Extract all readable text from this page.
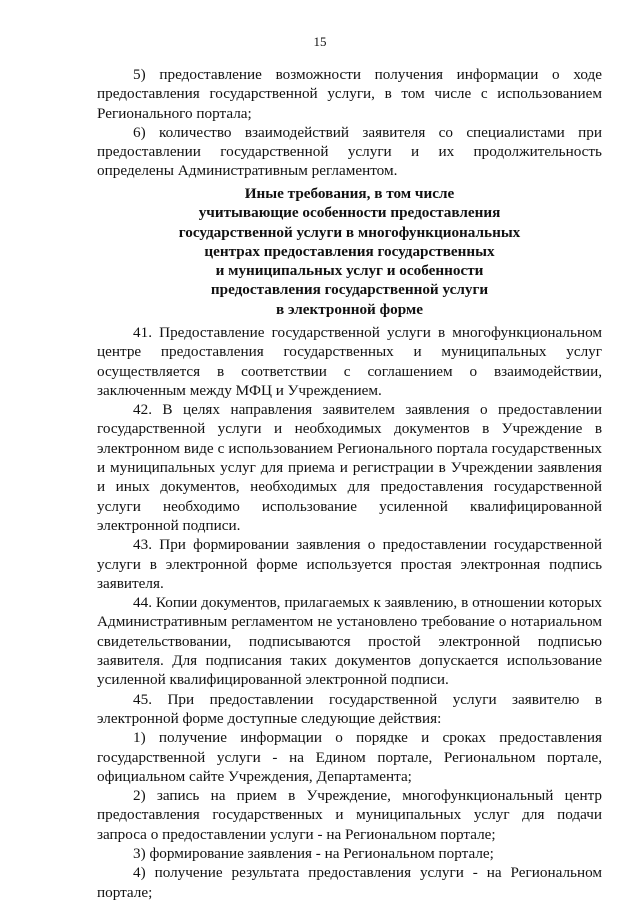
15

5) предоставление возможности получения информации о ходе предоставления государственной услуги, в том числе с использованием Регионального портала;

6) количество взаимодействий заявителя со специалистами при предоставлении государственной услуги и их продолжительность определены Административным регламентом.

Иные требования, в том числе
учитывающие особенности предоставления
государственной услуги в многофункциональных
центрах предоставления государственных
и муниципальных услуг и особенности
предоставления государственной услуги
в электронной форме

41. Предоставление государственной услуги в многофункциональном центре предоставления государственных и муниципальных услуг осуществляется в соответствии с соглашением о взаимодействии, заключенным между МФЦ и Учреждением.

42. В целях направления заявителем заявления о предоставлении государственной услуги и необходимых документов в Учреждение в электронном виде с использованием Регионального портала государственных и муниципальных услуг для приема и регистрации в Учреждении заявления и иных документов, необходимых для предоставления государственной услуги необходимо использование усиленной квалифицированной электронной подписи.

43. При формировании заявления о предоставлении государственной услуги в электронной форме используется простая электронная подпись заявителя.

44. Копии документов, прилагаемых к заявлению, в отношении которых Административным регламентом не установлено требование о нотариальном свидетельствовании, подписываются простой электронной подписью заявителя. Для подписания таких документов допускается использование усиленной квалифицированной электронной подписи.

45. При предоставлении государственной услуги заявителю в электронной форме доступные следующие действия:

1) получение информации о порядке и сроках предоставления государственной услуги - на Едином портале, Региональном портале, официальном сайте Учреждения, Департамента;

2) запись на прием в Учреждение, многофункциональный центр предоставления государственных и муниципальных услуг для подачи запроса о предоставлении услуги - на Региональном портале;

3) формирование заявления - на Региональном портале;

4) получение результата предоставления услуги - на Региональном портале;
